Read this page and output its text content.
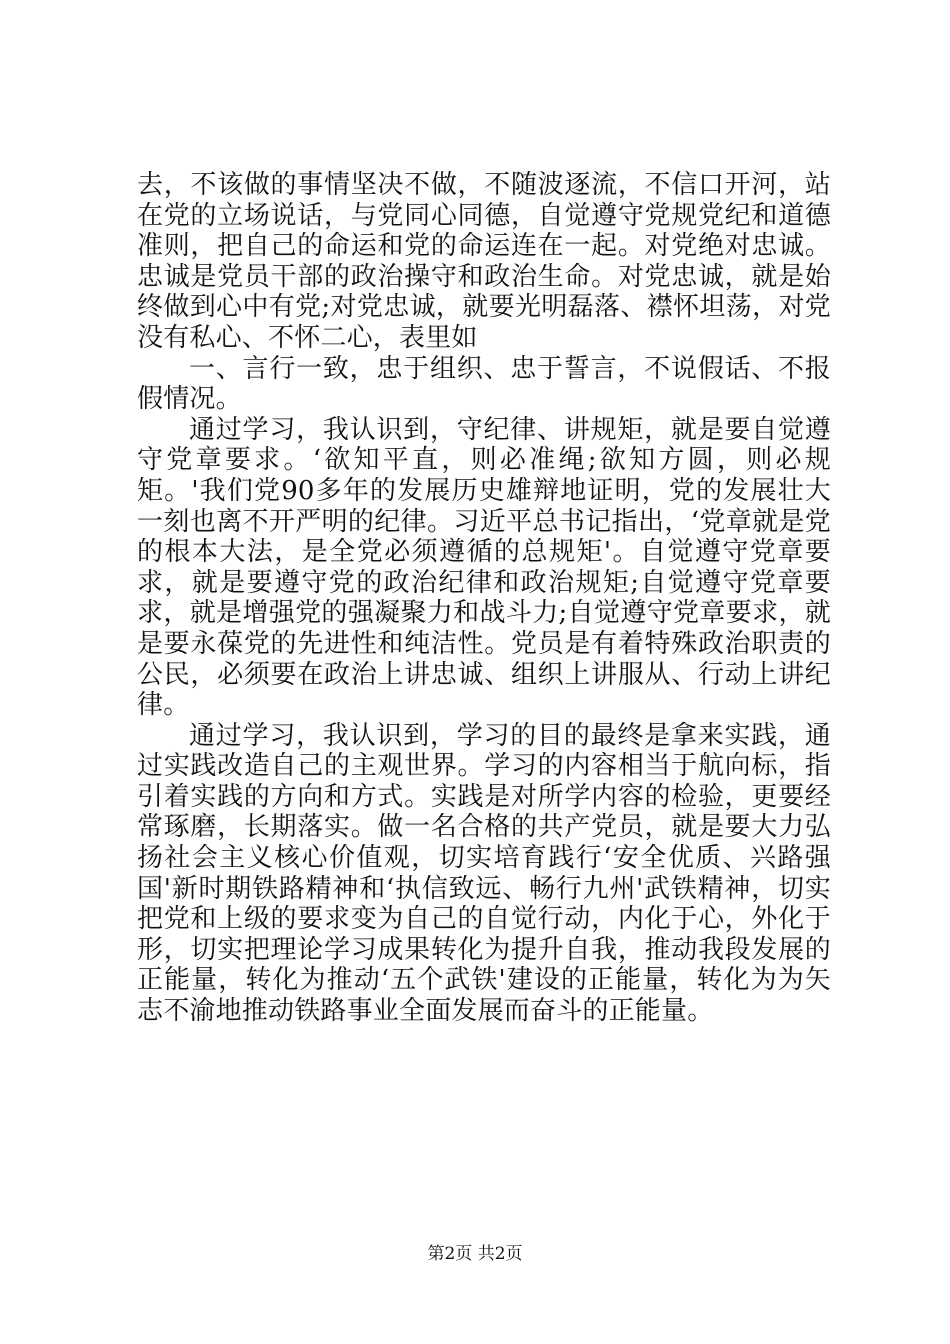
去，不该做的事情坚决不做，不随波逐流，不信口开河，站在党的立场说话，与党同心同德，自觉遵守党规党纪和道德准则，把自己的命运和党的命运连在一起。对党绝对忠诚。忠诚是党员干部的政治操守和政治生命。对党忠诚，就是始终做到心中有党;对党忠诚，就要光明磊落、襟怀坦荡，对党没有私心、不怀二心，表里如

一、言行一致，忠于组织、忠于誓言，不说假话、不报假情况。

通过学习，我认识到，守纪律、讲规矩，就是要自觉遵守党章要求。‘欲知平直，则必准绳;欲知方圆，则必规矩。'我们党90多年的发展历史雄辩地证明，党的发展壮大一刻也离不开严明的纪律。习近平总书记指出，‘党章就是党的根本大法，是全党必须遵循的总规矩'。自觉遵守党章要求，就是要遵守党的政治纪律和政治规矩;自觉遵守党章要求，就是增强党的强凝聚力和战斗力;自觉遵守党章要求，就是要永葆党的先进性和纯洁性。党员是有着特殊政治职责的公民，必须要在政治上讲忠诚、组织上讲服从、行动上讲纪律。

通过学习，我认识到，学习的目的最终是拿来实践，通过实践改造自己的主观世界。学习的内容相当于航向标，指引着实践的方向和方式。实践是对所学内容的检验，更要经常琢磨，长期落实。做一名合格的共产党员，就是要大力弘扬社会主义核心价值观，切实培育践行‘安全优质、兴路强国'新时期铁路精神和‘执信致远、畅行九州'武铁精神，切实把党和上级的要求变为自己的自觉行动，内化于心，外化于形，切实把理论学习成果转化为提升自我，推动我段发展的正能量，转化为推动‘五个武铁'建设的正能量，转化为为矢志不渝地推动铁路事业全面发展而奋斗的正能量。

第2页 共2页
